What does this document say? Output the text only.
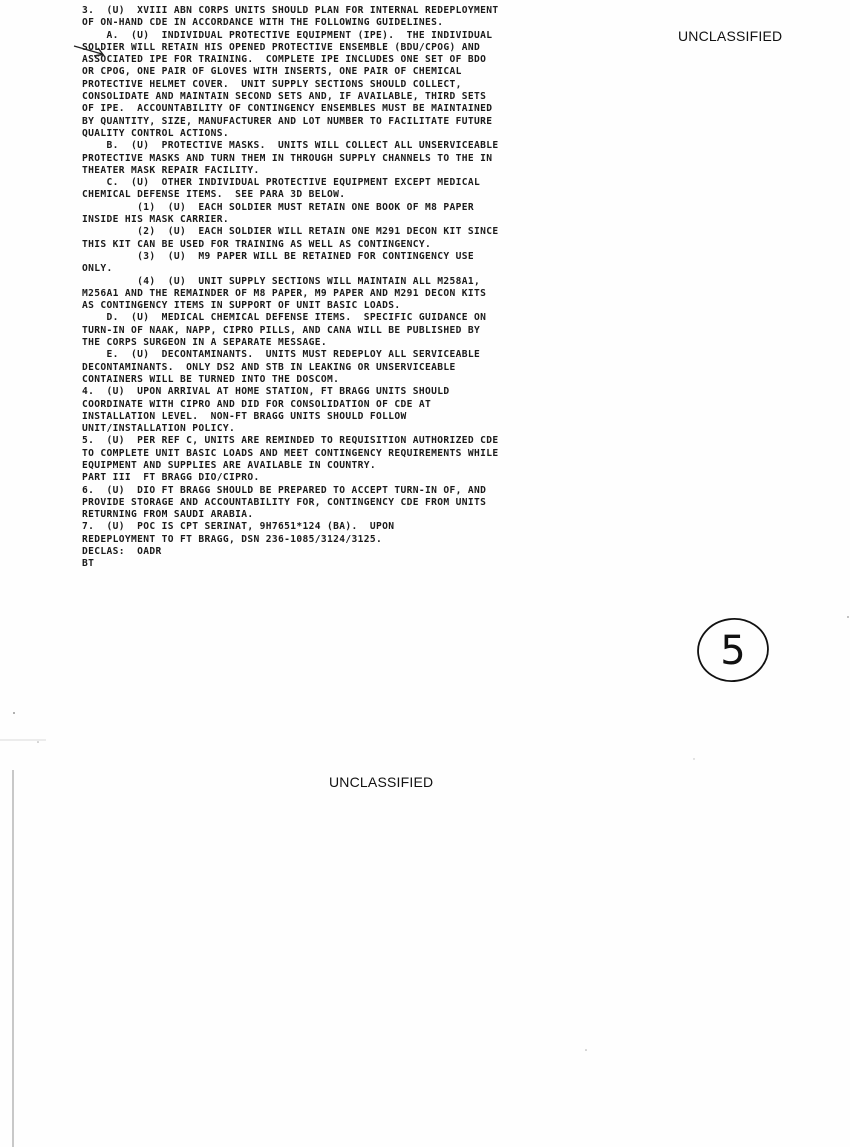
3.  (U)  XVIII ABN CORPS UNITS SHOULD PLAN FOR INTERNAL REDEPLOYMENT
OF ON-HAND CDE IN ACCORDANCE WITH THE FOLLOWING GUIDELINES.
A.  (U)  INDIVIDUAL PROTECTIVE EQUIPMENT (IPE).  THE INDIVIDUAL
SOLDIER WILL RETAIN HIS OPENED PROTECTIVE ENSEMBLE (BDU/CPOG) AND
ASSOCIATED IPE FOR TRAINING.  COMPLETE IPE INCLUDES ONE SET OF BDO
OR CPOG, ONE PAIR OF GLOVES WITH INSERTS, ONE PAIR OF CHEMICAL
PROTECTIVE HELMET COVER.  UNIT SUPPLY SECTIONS SHOULD COLLECT,
CONSOLIDATE AND MAINTAIN SECOND SETS AND, IF AVAILABLE, THIRD SETS
OF IPE.  ACCOUNTABILITY OF CONTINGENCY ENSEMBLES MUST BE MAINTAINED
BY QUANTITY, SIZE, MANUFACTURER AND LOT NUMBER TO FACILITATE FUTURE
QUALITY CONTROL ACTIONS.
B.  (U)  PROTECTIVE MASKS.  UNITS WILL COLLECT ALL UNSERVICEABLE
PROTECTIVE MASKS AND TURN THEM IN THROUGH SUPPLY CHANNELS TO THE IN
THEATER MASK REPAIR FACILITY.
C.  (U)  OTHER INDIVIDUAL PROTECTIVE EQUIPMENT EXCEPT MEDICAL
CHEMICAL DEFENSE ITEMS.  SEE PARA 3D BELOW.
(1)  (U)  EACH SOLDIER MUST RETAIN ONE BOOK OF M8 PAPER
INSIDE HIS MASK CARRIER.
(2)  (U)  EACH SOLDIER WILL RETAIN ONE M291 DECON KIT SINCE
THIS KIT CAN BE USED FOR TRAINING AS WELL AS CONTINGENCY.
(3)  (U)  M9 PAPER WILL BE RETAINED FOR CONTINGENCY USE
ONLY.
(4)  (U)  UNIT SUPPLY SECTIONS WILL MAINTAIN ALL M258A1,
M256A1 AND THE REMAINDER OF M8 PAPER, M9 PAPER AND M291 DECON KITS
AS CONTINGENCY ITEMS IN SUPPORT OF UNIT BASIC LOADS.
D.  (U)  MEDICAL CHEMICAL DEFENSE ITEMS.  SPECIFIC GUIDANCE ON
TURN-IN OF NAAK, NAPP, CIPRO PILLS, AND CANA WILL BE PUBLISHED BY
THE CORPS SURGEON IN A SEPARATE MESSAGE.
E.  (U)  DECONTAMINANTS.  UNITS MUST REDEPLOY ALL SERVICEABLE
DECONTAMINANTS.  ONLY DS2 AND STB IN LEAKING OR UNSERVICEABLE
CONTAINERS WILL BE TURNED INTO THE DOSCOM.
4.  (U)  UPON ARRIVAL AT HOME STATION, FT BRAGG UNITS SHOULD
COORDINATE WITH CIPRO AND DID FOR CONSOLIDATION OF CDE AT
INSTALLATION LEVEL.  NON-FT BRAGG UNITS SHOULD FOLLOW
UNIT/INSTALLATION POLICY.
5.  (U)  PER REF C, UNITS ARE REMINDED TO REQUISITION AUTHORIZED CDE
TO COMPLETE UNIT BASIC LOADS AND MEET CONTINGENCY REQUIREMENTS WHILE
EQUIPMENT AND SUPPLIES ARE AVAILABLE IN COUNTRY.
PART III  FT BRAGG DIO/CIPRO.
6.  (U)  DIO FT BRAGG SHOULD BE PREPARED TO ACCEPT TURN-IN OF, AND
PROVIDE STORAGE AND ACCOUNTABILITY FOR, CONTINGENCY CDE FROM UNITS
RETURNING FROM SAUDI ARABIA.
7.  (U)  POC IS CPT SERINAT, 9H7651*124 (BA).  UPON
REDEPLOYMENT TO FT BRAGG, DSN 236-1085/3124/3125.
DECLAS:  OADR
BT
UNCLASSIFIED
UNCLASSIFIED
5
